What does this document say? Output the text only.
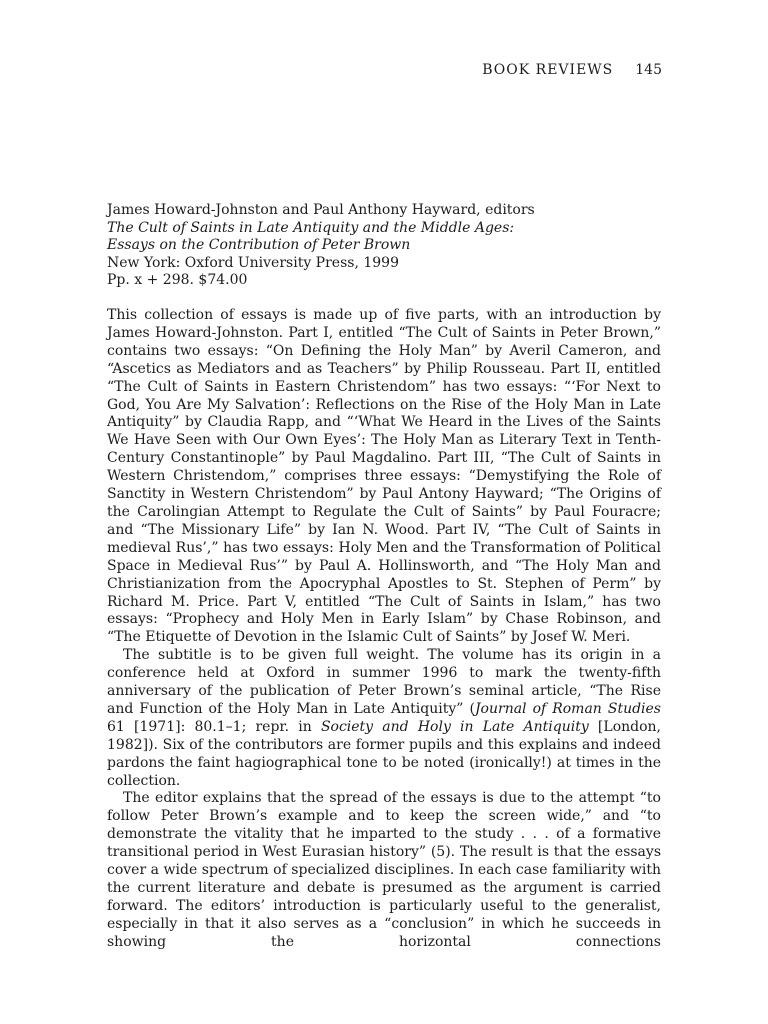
BOOK REVIEWS 145
James Howard-Johnston and Paul Anthony Hayward, editors
The Cult of Saints in Late Antiquity and the Middle Ages:
Essays on the Contribution of Peter Brown
New York: Oxford University Press, 1999
Pp. x + 298. $74.00

This collection of essays is made up of five parts, with an introduction by James Howard-Johnston. Part I, entitled “The Cult of Saints in Peter Brown,” contains two essays: “On Defining the Holy Man” by Averil Cameron, and “Ascetics as Mediators and as Teachers” by Philip Rousseau. Part II, entitled “The Cult of Saints in Eastern Christendom” has two essays: “‘For Next to God, You Are My Salvation’: Reflections on the Rise of the Holy Man in Late Antiquity” by Claudia Rapp, and “‘What We Heard in the Lives of the Saints We Have Seen with Our Own Eyes’: The Holy Man as Literary Text in Tenth-Century Constantinople” by Paul Magdalino. Part III, “The Cult of Saints in Western Christendom,” comprises three essays: “Demystifying the Role of Sanctity in Western Christendom” by Paul Antony Hayward; “The Origins of the Carolingian Attempt to Regulate the Cult of Saints” by Paul Fouracre; and “The Missionary Life” by Ian N. Wood. Part IV, “The Cult of Saints in medieval Rus’,” has two essays: Holy Men and the Transformation of Political Space in Medieval Rus’” by Paul A. Hollinsworth, and “The Holy Man and Christianization from the Apocryphal Apostles to St. Stephen of Perm” by Richard M. Price. Part V, entitled “The Cult of Saints in Islam,” has two essays: “Prophecy and Holy Men in Early Islam” by Chase Robinson, and “The Etiquette of Devotion in the Islamic Cult of Saints” by Josef W. Meri.

The subtitle is to be given full weight. The volume has its origin in a conference held at Oxford in summer 1996 to mark the twenty-fifth anniversary of the publication of Peter Brown’s seminal article, “The Rise and Function of the Holy Man in Late Antiquity” (Journal of Roman Studies 61 [1971]: 80.1–1; repr. in Society and Holy in Late Antiquity [London, 1982]). Six of the contributors are former pupils and this explains and indeed pardons the faint hagiographical tone to be noted (ironically!) at times in the collection.

The editor explains that the spread of the essays is due to the attempt “to follow Peter Brown’s example and to keep the screen wide,” and “to demonstrate the vitality that he imparted to the study . . . of a formative transitional period in West Eurasian history” (5). The result is that the essays cover a wide spectrum of specialized disciplines. In each case familiarity with the current literature and debate is presumed as the argument is carried forward. The editors’ introduction is particularly useful to the generalist, especially in that it also serves as a “conclusion” in which he succeeds in showing the horizontal connections
